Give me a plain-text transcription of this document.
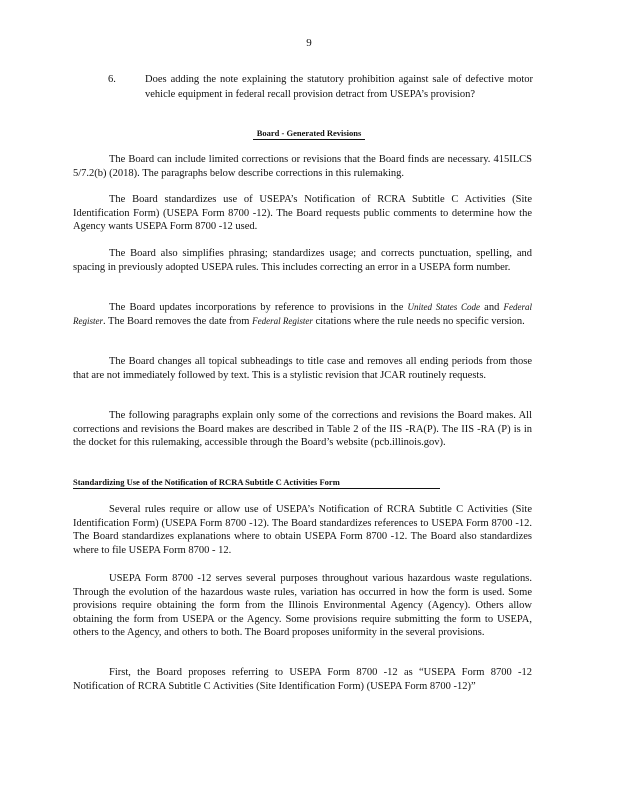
9
6.	Does adding the note explaining the statutory prohibition against sale of defective motor vehicle equipment in federal recall provision detract from USEPA’s provision?
Board - Generated Revisions

The Board can include limited corrections or revisions that the Board finds are necessary. 415ILCS 5/7.2(b) (2018). The paragraphs below describe corrections in this rulemaking.

The Board standardizes use of USEPA’s Notification of RCRA Subtitle C Activities (Site Identification Form) (USEPA Form 8700 -12). The Board requests public comments to determine how the Agency wants USEPA Form 8700 -12 used.

The Board also simplifies phrasing; standardizes usage; and corrects punctuation, spelling, and spacing in previously adopted USEPA rules. This includes correcting an error in a USEPA form number.

The Board updates incorporations by reference to provisions in the United States Code and Federal Register. The Board removes the date from Federal Register citations where the rule needs no specific version.

The Board changes all topical subheadings to title case and removes all ending periods from those that are not immediately followed by text. This is a stylistic revision that JCAR routinely requests.

The following paragraphs explain only some of the corrections and revisions the Board makes. All corrections and revisions the Board makes are described in Table 2 of the IIS -RA(P). The IIS -RA (P) is in the docket for this rulemaking, accessible through the Board’s website (pcb.illinois.gov).

Standardizing Use of the Notification of RCRA Subtitle C Activities Form

Several rules require or allow use of USEPA’s Notification of RCRA Subtitle C Activities (Site Identification Form) (USEPA Form 8700 -12). The Board standardizes references to USEPA Form 8700 -12. The Board standardizes explanations where to obtain USEPA Form 8700 -12. The Board also standardizes where to file USEPA Form 8700 - 12.

USEPA Form 8700 -12 serves several purposes throughout various hazardous waste regulations. Through the evolution of the hazardous waste rules, variation has occurred in how the form is used. Some provisions require obtaining the form from the Illinois Environmental Agency (Agency). Others allow obtaining the form from USEPA or the Agency. Some provisions require submitting the form to USEPA, others to the Agency, and others to both. The Board proposes uniformity in the several provisions.

First, the Board proposes referring to USEPA Form 8700 -12 as “USEPA Form 8700 -12 Notification of RCRA Subtitle C Activities (Site Identification Form) (USEPA Form 8700 -12)”
